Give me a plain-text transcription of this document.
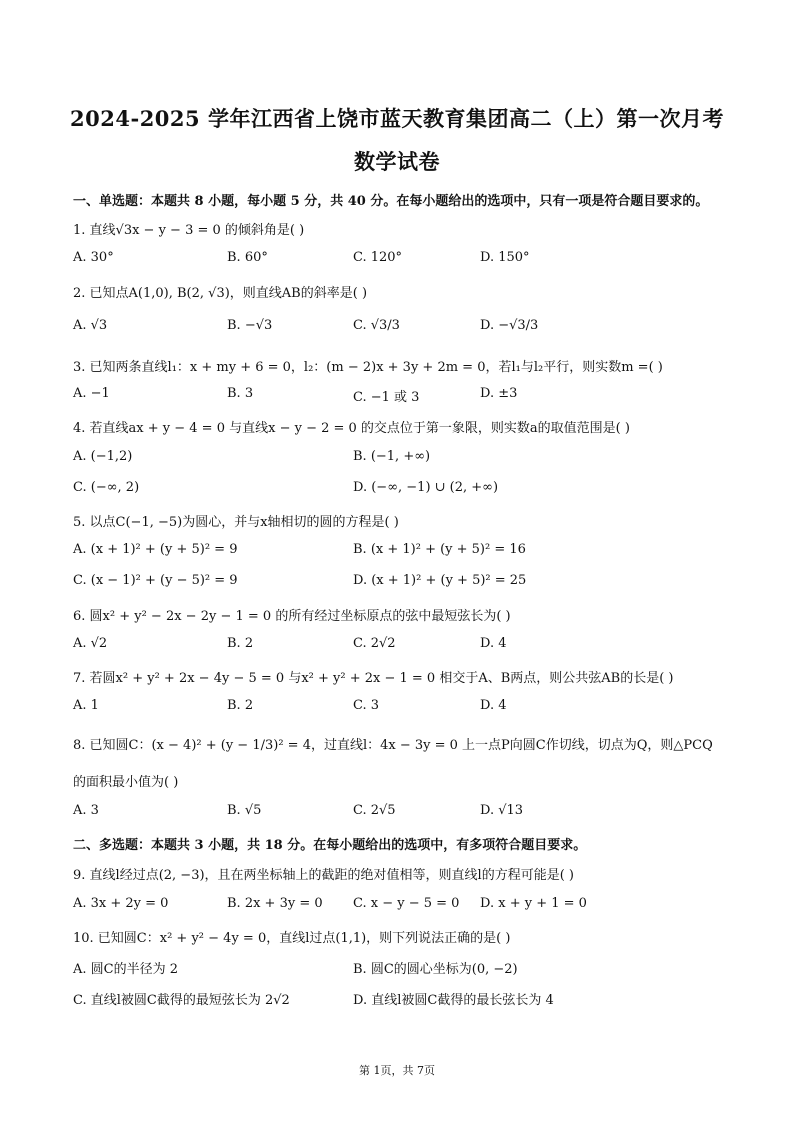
2024-2025 学年江西省上饶市蓝天教育集团高二（上）第一次月考
数学试卷
一、单选题：本题共 8 小题，每小题 5 分，共 40 分。在每小题给出的选项中，只有一项是符合题目要求的。
1. 直线√3x − y − 3 = 0 的倾斜角是( )
A. 30°	B. 60°	C. 120°	D. 150°
2. 已知点A(1,0), B(2, √3)，则直线AB的斜率是( )
A. √3	B. −√3	C. √3/3	D. −√3/3
3. 已知两条直线l₁：x + my + 6 = 0，l₂：(m − 2)x + 3y + 2m = 0，若l₁与l₂平行，则实数m =( )
A. −1	B. 3	C. −1 或 3	D. ±3
4. 若直线ax + y − 4 = 0 与直线x − y − 2 = 0 的交点位于第一象限，则实数a的取值范围是( )
A. (−1,2)	B. (−1, +∞)
C. (−∞, 2)	D. (−∞, −1) ∪ (2, +∞)
5. 以点C(−1, −5)为圆心，并与x轴相切的圆的方程是( )
A. (x + 1)² + (y + 5)² = 9	B. (x + 1)² + (y + 5)² = 16
C. (x − 1)² + (y − 5)² = 9	D. (x + 1)² + (y + 5)² = 25
6. 圆x² + y² − 2x − 2y − 1 = 0 的所有经过坐标原点的弦中最短弦长为( )
A. √2	B. 2	C. 2√2	D. 4
7. 若圆x² + y² + 2x − 4y − 5 = 0 与x² + y² + 2x − 1 = 0 相交于A、B两点，则公共弦AB的长是( )
A. 1	B. 2	C. 3	D. 4
8. 已知圆C：(x − 4)² + (y − 1/3)² = 4，过直线l：4x − 3y = 0 上一点P向圆C作切线，切点为Q，则△PCQ
的面积最小值为( )
A. 3	B. √5	C. 2√5	D. √13
二、多选题：本题共 3 小题，共 18 分。在每小题给出的选项中，有多项符合题目要求。
9. 直线l经过点(2, −3)，且在两坐标轴上的截距的绝对值相等，则直线l的方程可能是( )
A. 3x + 2y = 0	B. 2x + 3y = 0 C. x − y − 5 = 0 D. x + y + 1 = 0
10. 已知圆C：x² + y² − 4y = 0，直线l过点(1,1)，则下列说法正确的是( )
A. 圆C的半径为 2	B. 圆C的圆心坐标为(0, −2)
C. 直线l被圆C截得的最短弦长为 2√2	D. 直线l被圆C截得的最长弦长为 4
第 1页，共 7页
